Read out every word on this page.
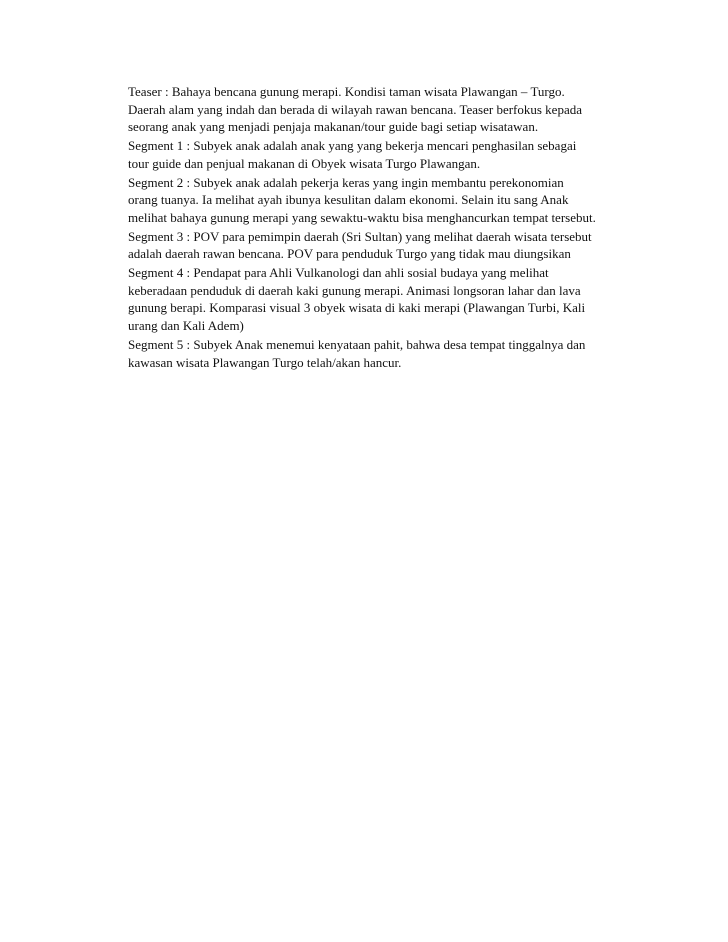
Teaser : Bahaya bencana gunung merapi. Kondisi taman wisata Plawangan – Turgo.
Daerah alam yang indah dan berada di wilayah rawan bencana. Teaser berfokus kepada
seorang anak yang menjadi penjaja makanan/tour guide bagi setiap wisatawan.

Segment 1 : Subyek anak adalah anak yang yang bekerja mencari penghasilan sebagai
tour guide dan penjual makanan di Obyek wisata Turgo Plawangan.

Segment 2 : Subyek anak adalah pekerja keras yang ingin membantu perekonomian
orang tuanya. Ia melihat ayah ibunya kesulitan dalam ekonomi. Selain itu sang Anak
melihat bahaya gunung merapi yang sewaktu-waktu bisa menghancurkan tempat tersebut.

Segment 3 : POV para pemimpin daerah (Sri Sultan) yang melihat daerah wisata tersebut
adalah daerah rawan bencana. POV para penduduk Turgo yang tidak mau diungsikan

Segment 4 : Pendapat para Ahli Vulkanologi dan ahli sosial budaya yang melihat
keberadaan penduduk di daerah kaki gunung merapi. Animasi longsoran lahar dan lava
gunung berapi. Komparasi visual 3 obyek wisata di kaki merapi (Plawangan Turbi, Kali
urang dan Kali Adem)

Segment 5 : Subyek Anak menemui kenyataan pahit, bahwa desa tempat tinggalnya dan
kawasan wisata Plawangan Turgo telah/akan hancur.
